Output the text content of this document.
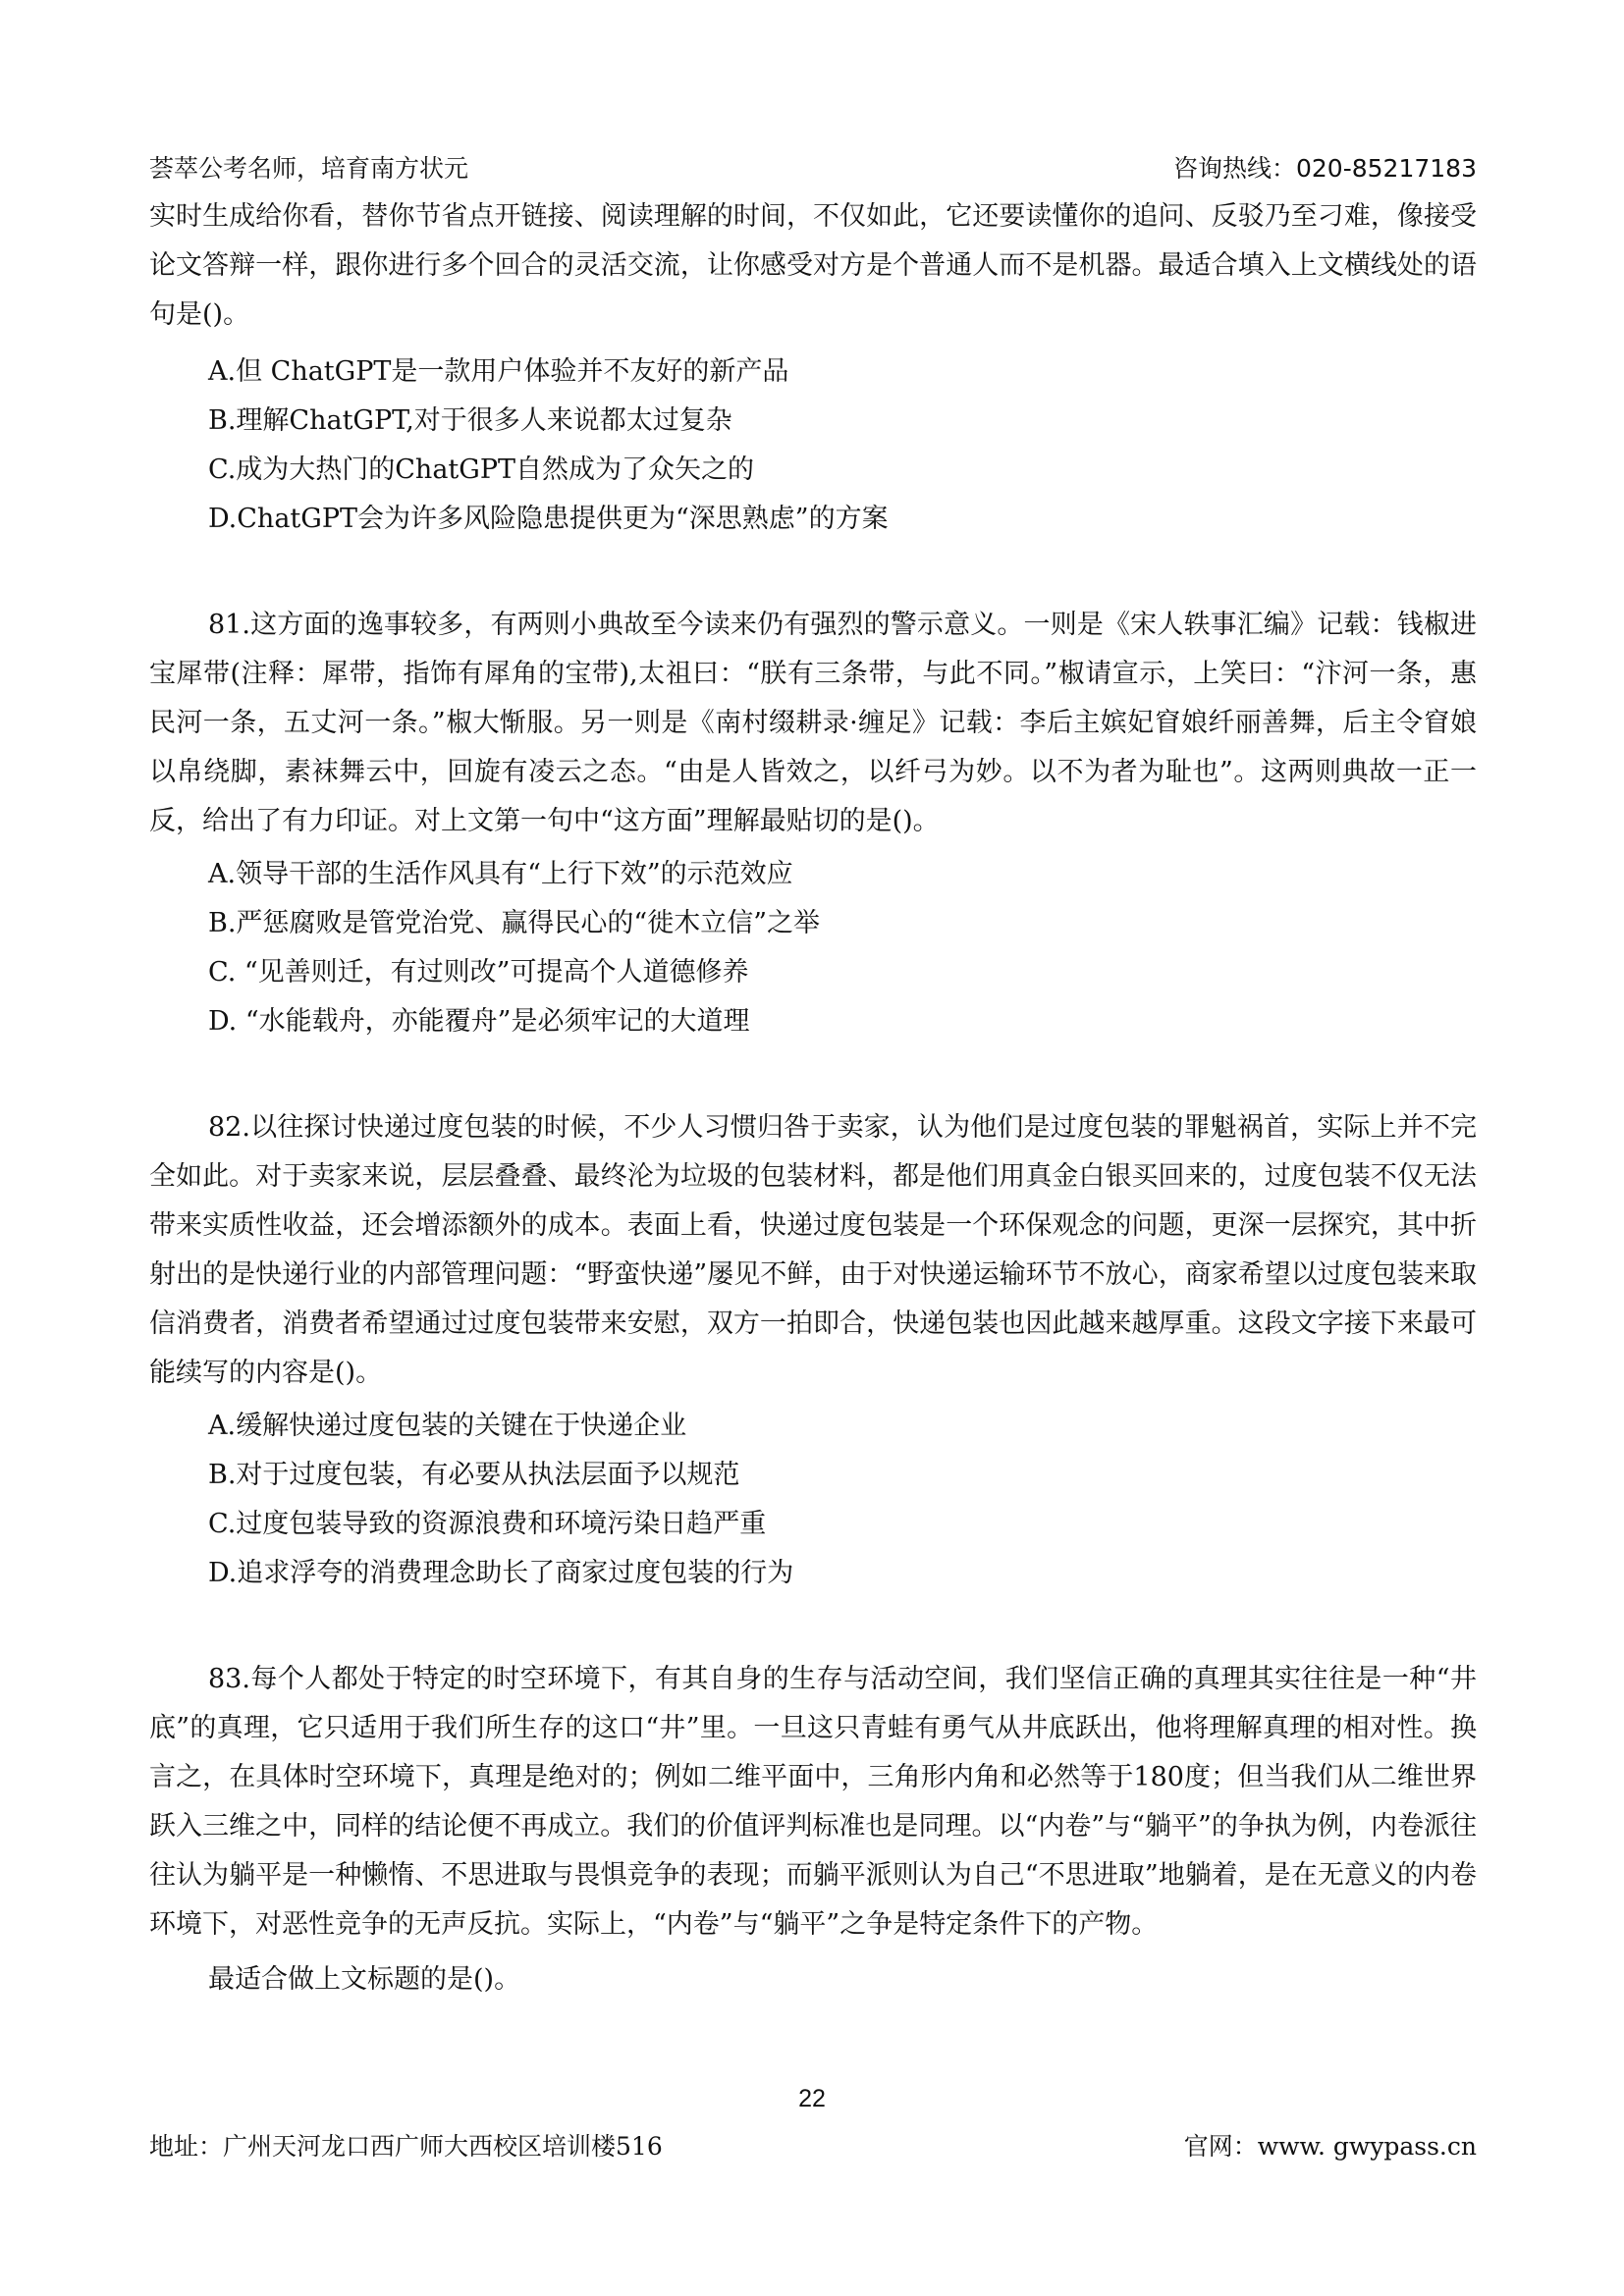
荟萃公考名师，培育南方状元	咨询热线：020-85217183

实时生成给你看，替你节省点开链接、阅读理解的时间，不仅如此，它还要读懂你的追问、反驳乃至刁难，像接受论文答辩一样，跟你进行多个回合的灵活交流，让你感受对方是个普通人而不是机器。最适合填入上文横线处的语句是()。

A.但 ChatGPT是一款用户体验并不友好的新产品

B.理解ChatGPT,对于很多人来说都太过复杂

C.成为大热门的ChatGPT自然成为了众矢之的

D.ChatGPT会为许多风险隐患提供更为“深思熟虑”的方案

81.这方面的逸事较多，有两则小典故至今读来仍有强烈的警示意义。一则是《宋人轶事汇编》记载：钱椒进宝犀带(注释：犀带，指饰有犀角的宝带),太祖曰：“朕有三条带，与此不同。”椒请宣示，上笑曰：“汴河一条，惠民河一条，五丈河一条。”椒大惭服。另一则是《南村缀耕录·缠足》记载：李后主嫔妃窅娘纤丽善舞，后主令窅娘以帛绕脚，素袜舞云中，回旋有凌云之态。“由是人皆效之，以纤弓为妙。以不为者为耻也”。这两则典故一正一反，给出了有力印证。对上文第一句中“这方面”理解最贴切的是()。

A.领导干部的生活作风具有“上行下效”的示范效应

B.严惩腐败是管党治党、赢得民心的“徙木立信”之举

C. “见善则迁，有过则改”可提高个人道德修养

D. “水能载舟，亦能覆舟”是必须牢记的大道理

82.以往探讨快递过度包装的时候，不少人习惯归咎于卖家，认为他们是过度包装的罪魁祸首，实际上并不完全如此。对于卖家来说，层层叠叠、最终沦为垃圾的包装材料，都是他们用真金白银买回来的，过度包装不仅无法带来实质性收益，还会增添额外的成本。表面上看，快递过度包装是一个环保观念的问题，更深一层探究，其中折射出的是快递行业的内部管理问题：“野蛮快递”屡见不鲜，由于对快递运输环节不放心，商家希望以过度包装来取信消费者，消费者希望通过过度包装带来安慰，双方一拍即合，快递包装也因此越来越厚重。这段文字接下来最可能续写的内容是()。

A.缓解快递过度包装的关键在于快递企业

B.对于过度包装，有必要从执法层面予以规范

C.过度包装导致的资源浪费和环境污染日趋严重

D.追求浮夸的消费理念助长了商家过度包装的行为

83.每个人都处于特定的时空环境下，有其自身的生存与活动空间，我们坚信正确的真理其实往往是一种“井底”的真理，它只适用于我们所生存的这口“井”里。一旦这只青蛙有勇气从井底跃出，他将理解真理的相对性。换言之，在具体时空环境下，真理是绝对的；例如二维平面中，三角形内角和必然等于180度；但当我们从二维世界跃入三维之中，同样的结论便不再成立。我们的价值评判标准也是同理。以“内卷”与“躺平”的争执为例，内卷派往往认为躺平是一种懒惰、不思进取与畏惧竞争的表现；而躺平派则认为自己“不思进取”地躺着，是在无意义的内卷环境下，对恶性竞争的无声反抗。实际上，“内卷”与“躺平”之争是特定条件下的产物。

最适合做上文标题的是()。

22
地址：广州天河龙口西广师大西校区培训楼516	官网：www. gwypass.cn
